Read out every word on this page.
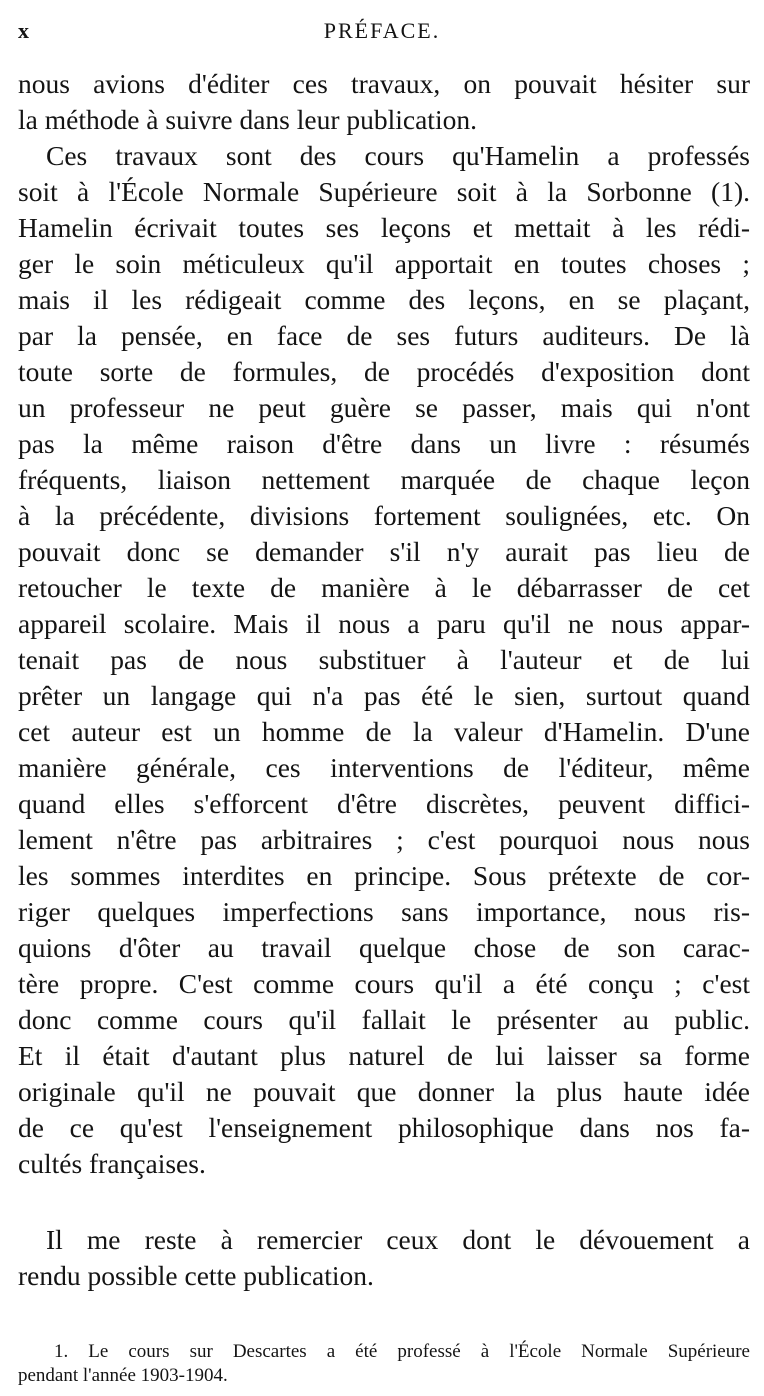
x	PRÉFACE.
nous avions d'éditer ces travaux, on pouvait hésiter sur
la méthode à suivre dans leur publication.
Ces travaux sont des cours qu'Hamelin a professés
soit à l'École Normale Supérieure soit à la Sorbonne (1).
Hamelin écrivait toutes ses leçons et mettait à les rédi-
ger le soin méticuleux qu'il apportait en toutes choses ;
mais il les rédigeait comme des leçons, en se plaçant,
par la pensée, en face de ses futurs auditeurs. De là
toute sorte de formules, de procédés d'exposition dont
un professeur ne peut guère se passer, mais qui n'ont
pas la même raison d'être dans un livre : résumés
fréquents, liaison nettement marquée de chaque leçon
à la précédente, divisions fortement soulignées, etc. On
pouvait donc se demander s'il n'y aurait pas lieu de
retoucher le texte de manière à le débarrasser de cet
appareil scolaire. Mais il nous a paru qu'il ne nous appar-
tenait pas de nous substituer à l'auteur et de lui
prêter un langage qui n'a pas été le sien, surtout quand
cet auteur est un homme de la valeur d'Hamelin. D'une
manière générale, ces interventions de l'éditeur, même
quand elles s'efforcent d'être discrètes, peuvent diffici-
lement n'être pas arbitraires ; c'est pourquoi nous nous
les sommes interdites en principe. Sous prétexte de cor-
riger quelques imperfections sans importance, nous ris-
quions d'ôter au travail quelque chose de son carac-
tère propre. C'est comme cours qu'il a été conçu ; c'est
donc comme cours qu'il fallait le présenter au public.
Et il était d'autant plus naturel de lui laisser sa forme
originale qu'il ne pouvait que donner la plus haute idée
de ce qu'est l'enseignement philosophique dans nos fa-
cultés françaises.
Il me reste à remercier ceux dont le dévouement a
rendu possible cette publication.
1. Le cours sur Descartes a été professé à l'École Normale Supérieure
pendant l'année 1903-1904.
